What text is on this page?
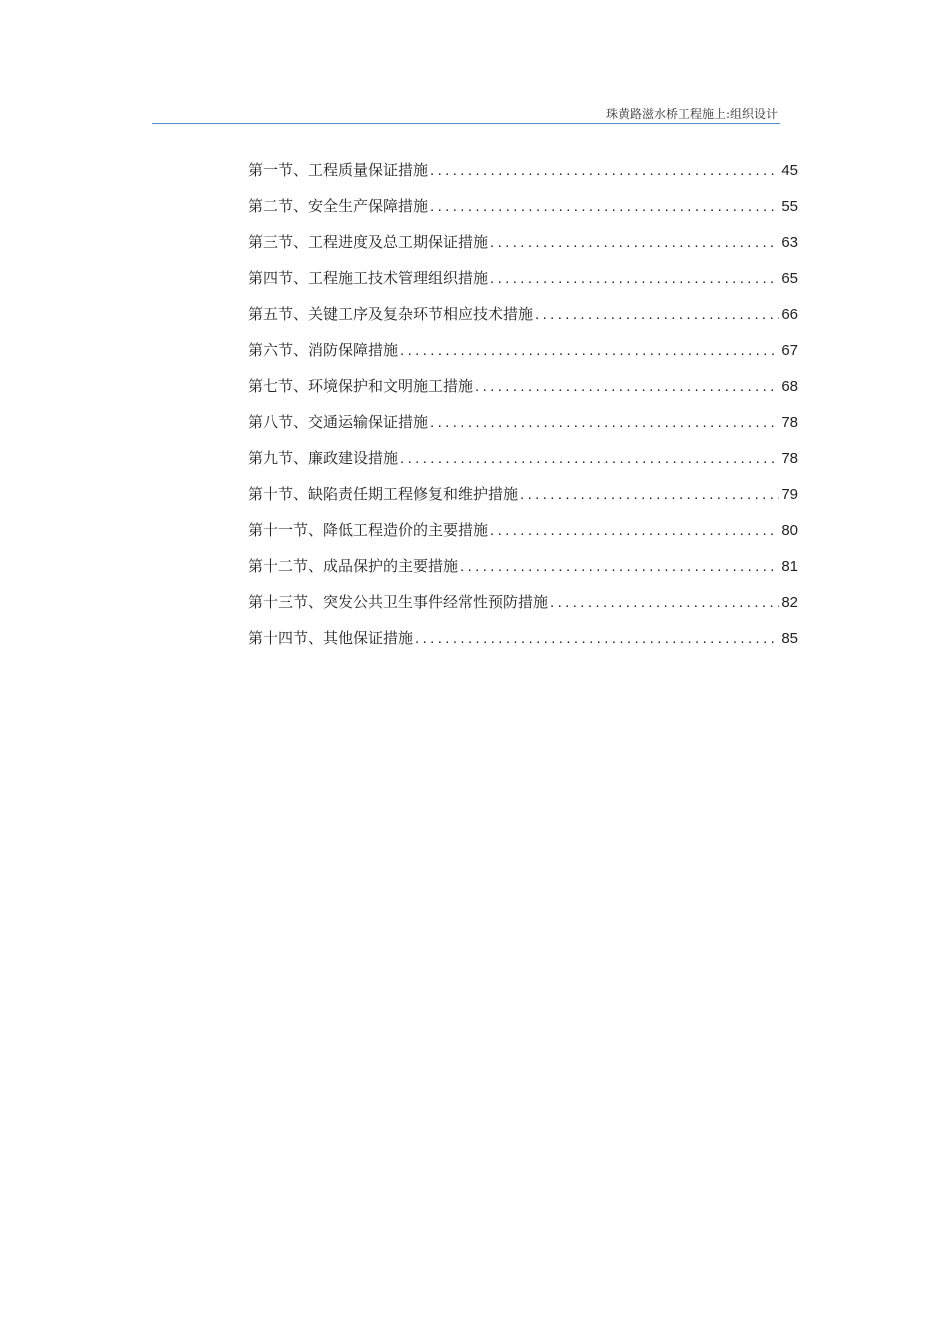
珠黄路滋水桥工程施上:组织设计
第一节、工程质量保证措施 .....	45
第二节、安全生产保障措施 .....	55
第三节、工程进度及总工期保证措施 .....	63
第四节、工程施工技术管理组织措施 .....	65
第五节、关键工序及复杂环节相应技术措施 .....	66
第六节、消防保障措施 .....	67
第七节、环境保护和文明施工措施 .....	68
第八节、交通运输保证措施 .....	78
第九节、廉政建设措施 .....	78
第十节、缺陷责任期工程修复和维护措施 .....	79
第十一节、降低工程造价的主要措施 .....	80
第十二节、成品保护的主要措施 .....	81
第十三节、突发公共卫生事件经常性预防措施 .....	82
第十四节、其他保证措施 .....	85
